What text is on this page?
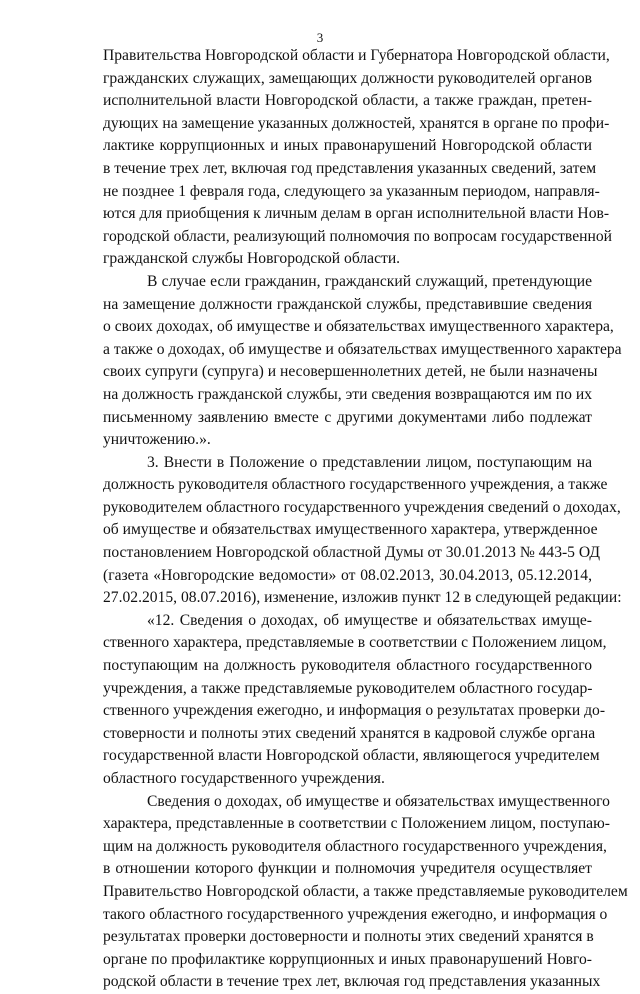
3

Правительства Новгородской области и Губернатора Новгородской области,
гражданских служащих, замещающих должности руководителей органов
исполнительной власти Новгородской области, а также граждан, претен-
дующих на замещение указанных должностей, хранятся в органе по профи-
лактике коррупционных и иных правонарушений Новгородской области
в течение трех лет, включая год представления указанных сведений, затем
не позднее 1 февраля года, следующего за указанным периодом, направля-
ются для приобщения к личным делам в орган исполнительной власти Нов-
городской области, реализующий полномочия по вопросам государственной
гражданской службы Новгородской области.

В случае если гражданин, гражданский служащий, претендующие
на замещение должности гражданской службы, представившие сведения
о своих доходах, об имуществе и обязательствах имущественного характера,
а также о доходах, об имуществе и обязательствах имущественного характера
своих супруги (супруга) и несовершеннолетних детей, не были назначены
на должность гражданской службы, эти сведения возвращаются им по их
письменному заявлению вместе с другими документами либо подлежат
уничтожению.».

3. Внести в Положение о представлении лицом, поступающим на
должность руководителя областного государственного учреждения, а также
руководителем областного государственного учреждения сведений о доходах,
об имуществе и обязательствах имущественного характера, утвержденное
постановлением Новгородской областной Думы от 30.01.2013 № 443-5 ОД
(газета «Новгородские ведомости» от 08.02.2013, 30.04.2013, 05.12.2014,
27.02.2015, 08.07.2016), изменение, изложив пункт 12 в следующей редакции:

«12. Сведения о доходах, об имуществе и обязательствах имуще-
ственного характера, представляемые в соответствии с Положением лицом,
поступающим на должность руководителя областного государственного
учреждения, а также представляемые руководителем областного государ-
ственного учреждения ежегодно, и информация о результатах проверки до-
стоверности и полноты этих сведений хранятся в кадровой службе органа
государственной власти Новгородской области, являющегося учредителем
областного государственного учреждения.

Сведения о доходах, об имуществе и обязательствах имущественного
характера, представленные в соответствии с Положением лицом, поступаю-
щим на должность руководителя областного государственного учреждения,
в отношении которого функции и полномочия учредителя осуществляет
Правительство Новгородской области, а также представляемые руководителем
такого областного государственного учреждения ежегодно, и информация о
результатах проверки достоверности и полноты этих сведений хранятся в
органе по профилактике коррупционных и иных правонарушений Новго-
родской области в течение трех лет, включая год представления указанных
